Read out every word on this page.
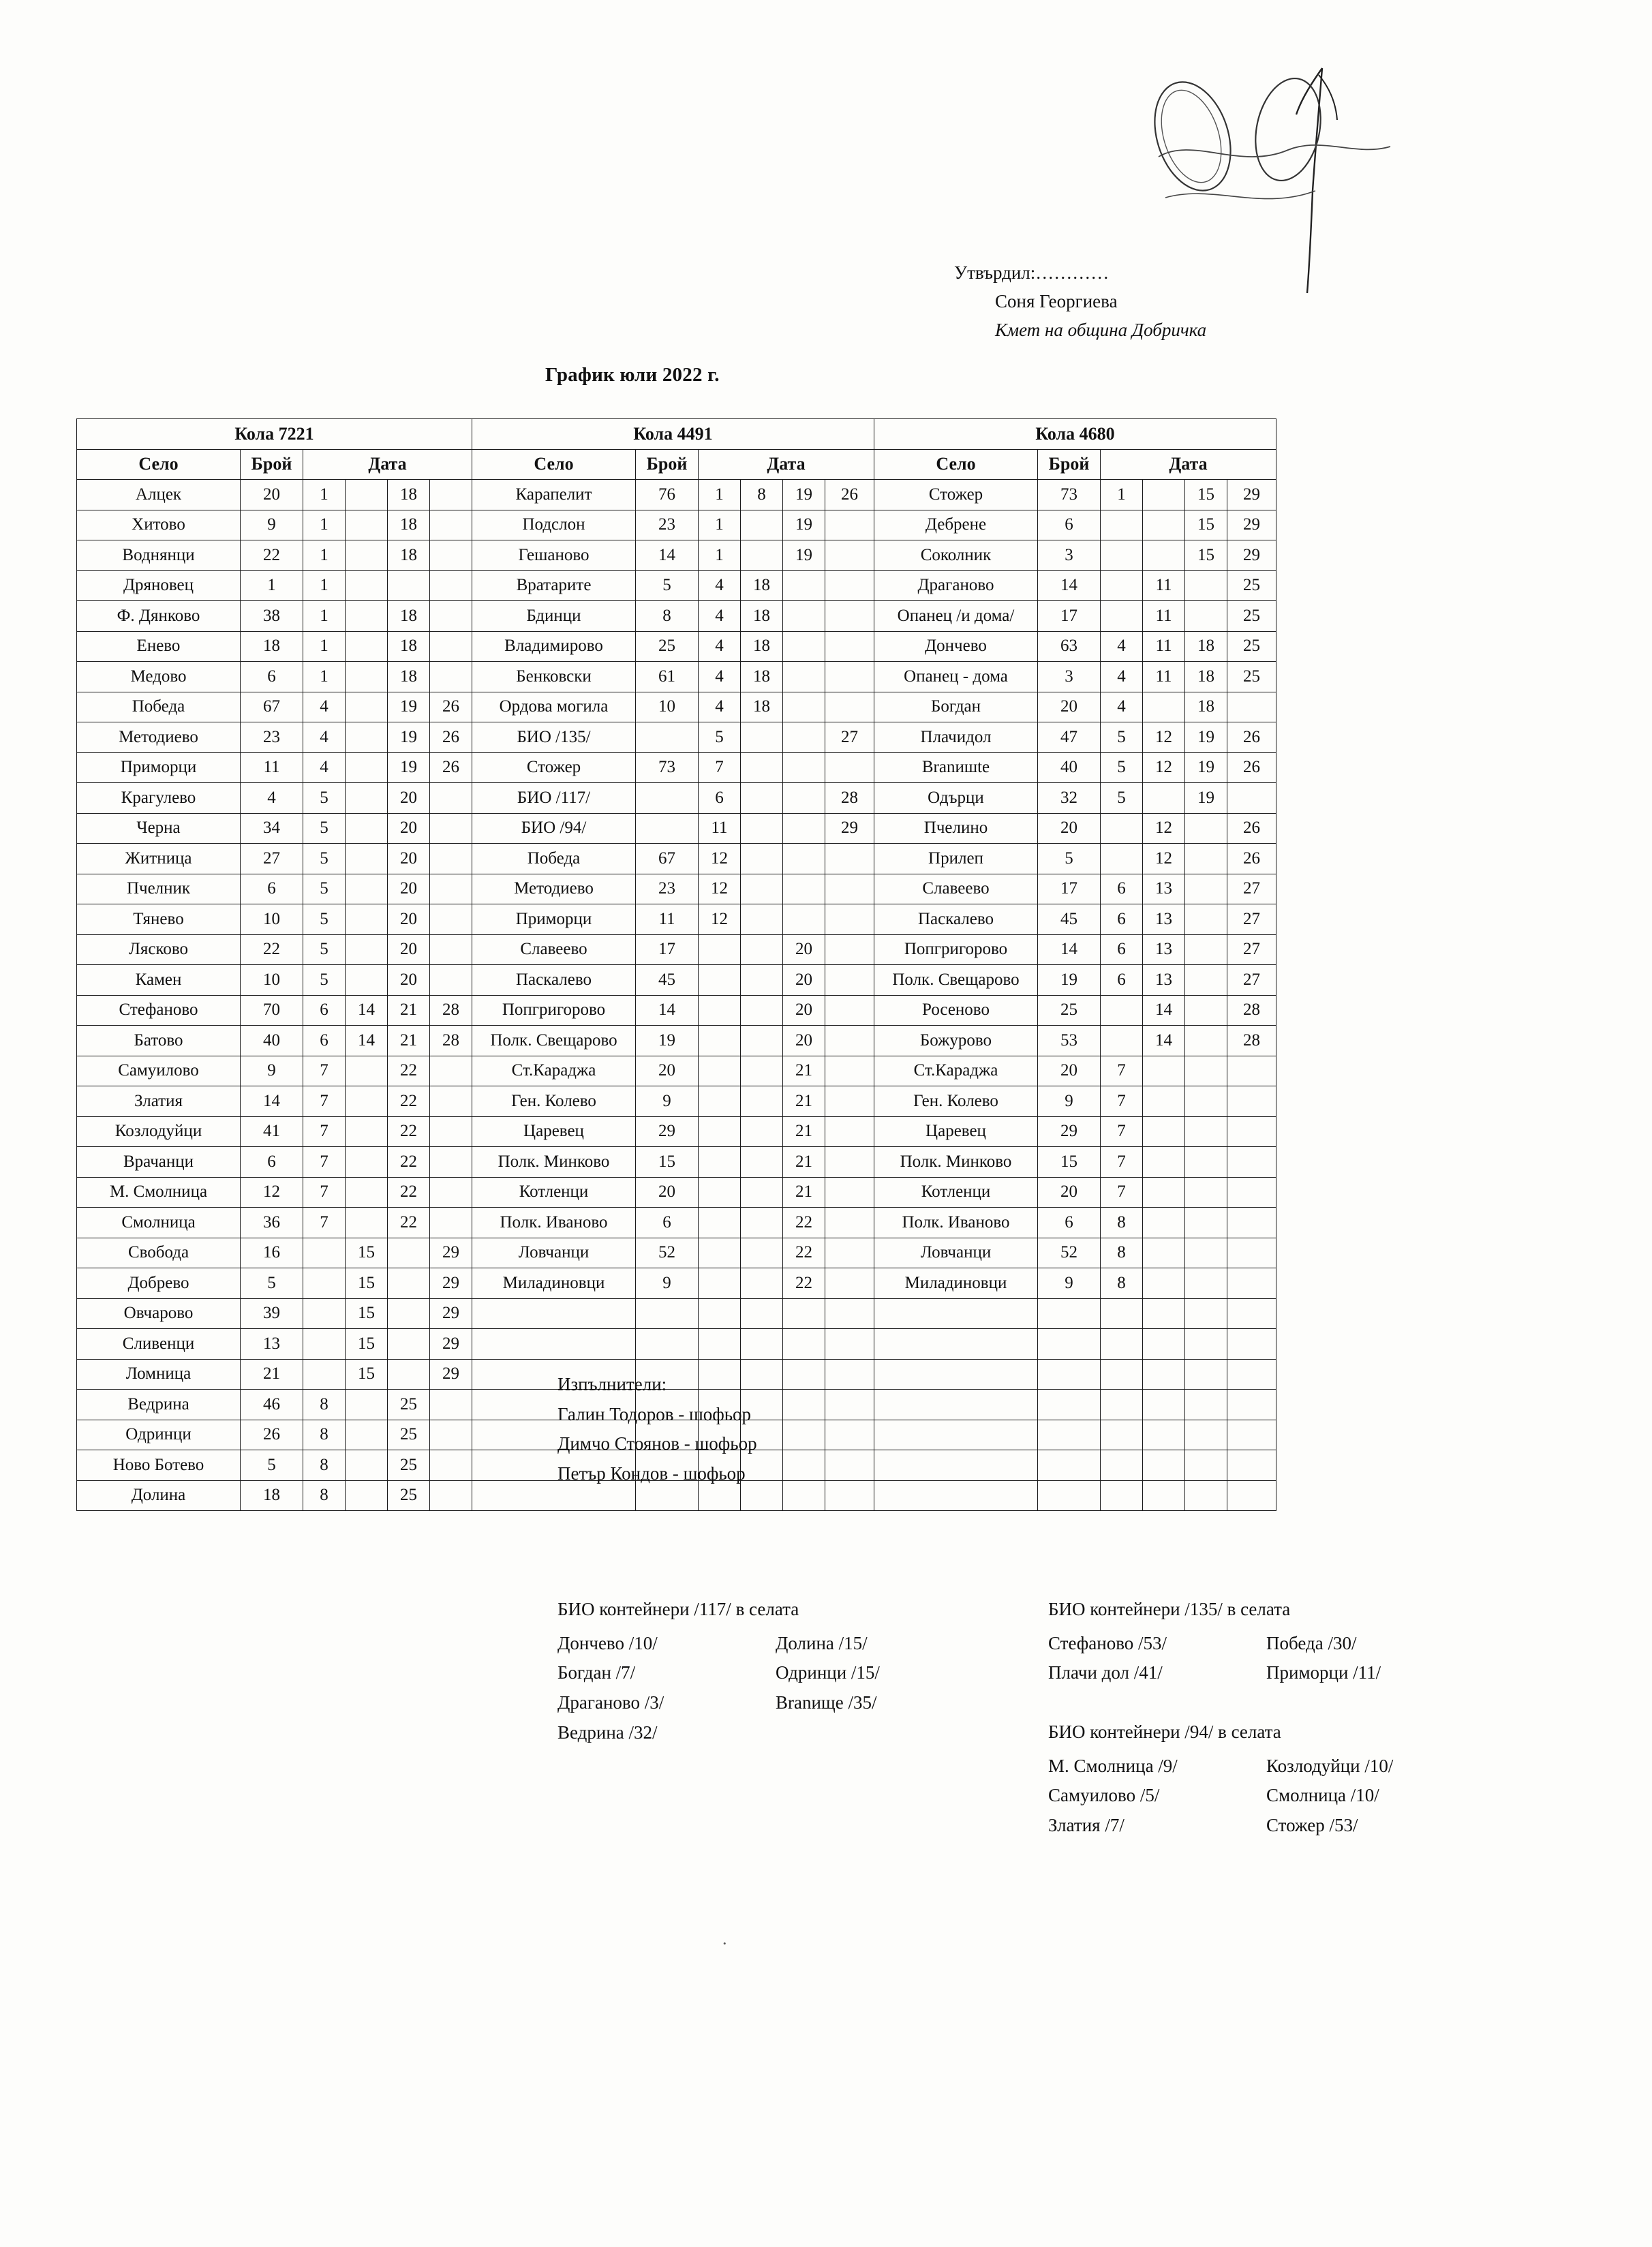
Утвърдил:…………
Соня Георгиева
Кмет на община Добричка
График юли 2022 г.
Кола 7221						Кола 4491						Кола 4680					
Село	Брой	Дата				Село	Брой	Дата				Село	Брой	Дата			
Алцек	20	1		18		Карапелит	76	1	8	19	26	Стожер	73	1		15	29
Хитово	9	1		18		Подслон	23	1		19		Дебрене	6			15	29
Воднянци	22	1		18		Гешаново	14	1		19		Соколник	3			15	29
Дряновец	1	1				Вратарите	5	4	18			Драганово	14		11		25
Ф. Дянково	38	1		18		Бдинци	8	4	18			Опанец /и дома/	17		11		25
Енево	18	1		18		Владимирово	25	4	18			Дончево	63	4	11	18	25
Медово	6	1		18		Бенковски	61	4	18			Опанец - дома	3	4	11	18	25
Победа	67	4		19	26	Ордова могила	10	4	18			Богдан	20	4		18	
Методиево	23	4		19	26	БИО /135/		5			27	Плачидол	47	5	12	19	26
Приморци	11	4		19	26	Стожер	73	7				Branишte	40	5	12	19	26
Крагулево	4	5		20		БИО /117/		6			28	Одърци	32	5		19	
Черна	34	5		20		БИО /94/		11			29	Пчелино	20		12		26
Житница	27	5		20		Победа	67	12				Прилеп	5		12		26
Пчелник	6	5		20		Методиево	23	12				Славеево	17	6	13		27
Тяневo	10	5		20		Приморци	11	12				Паскалево	45	6	13		27
Лясково	22	5		20		Славеево	17			20		Попгригорово	14	6	13		27
Камен	10	5		20		Паскалево	45			20		Полк. Свещарово	19	6	13		27
Стефаново	70	6	14	21	28	Попгригорово	14			20		Росеново	25		14		28
Батово	40	6	14	21	28	Полк. Свещарово	19			20		Божурово	53		14		28
Самуилово	9	7		22		Ст.Караджа	20			21		Ст.Караджа	20	7			
Златия	14	7		22		Ген. Колево	9			21		Ген. Колево	9	7			
Козлодуйци	41	7		22		Царевец	29			21		Царевец	29	7			
Врачанци	6	7		22		Полк. Минково	15			21		Полк. Минково	15	7			
М. Смолница	12	7		22		Котленци	20			21		Котленци	20	7			
Смолница	36	7		22		Полк. Иваново	6			22		Полк. Иваново	6	8			
Свобода	16		15		29	Ловчанци	52			22		Ловчанци	52	8			
Добрево	5		15		29	Миладиновци	9			22		Миладиновци	9	8			
Овчарово	39		15		29												
Сливенци	13		15		29												
Ломница	21		15		29												
Ведрина	46	8		25													
Одринци	26	8		25													
Ново Ботево	5	8		25													
Долина	18	8		25													
Изпълнители:
Галин Тодоров - шофьор
Димчо Стоянов - шофьор
Петър Кондов - шофьор
БИО контейнери /117/ в селата
Дончево /10/	Долина /15/
Богдан /7/	Одринци /15/
Драганово /3/	Branище /35/
Ведрина /32/
БИО контейнери /135/ в селата
Стефаново /53/	Победа /30/
Плачи дол /41/	Приморци /11/
БИО контейнери /94/ в селата
М. Смолница /9/	Козлодуйци /10/
Самуилово /5/	Смолница /10/
Златия /7/	Стожер /53/
.
